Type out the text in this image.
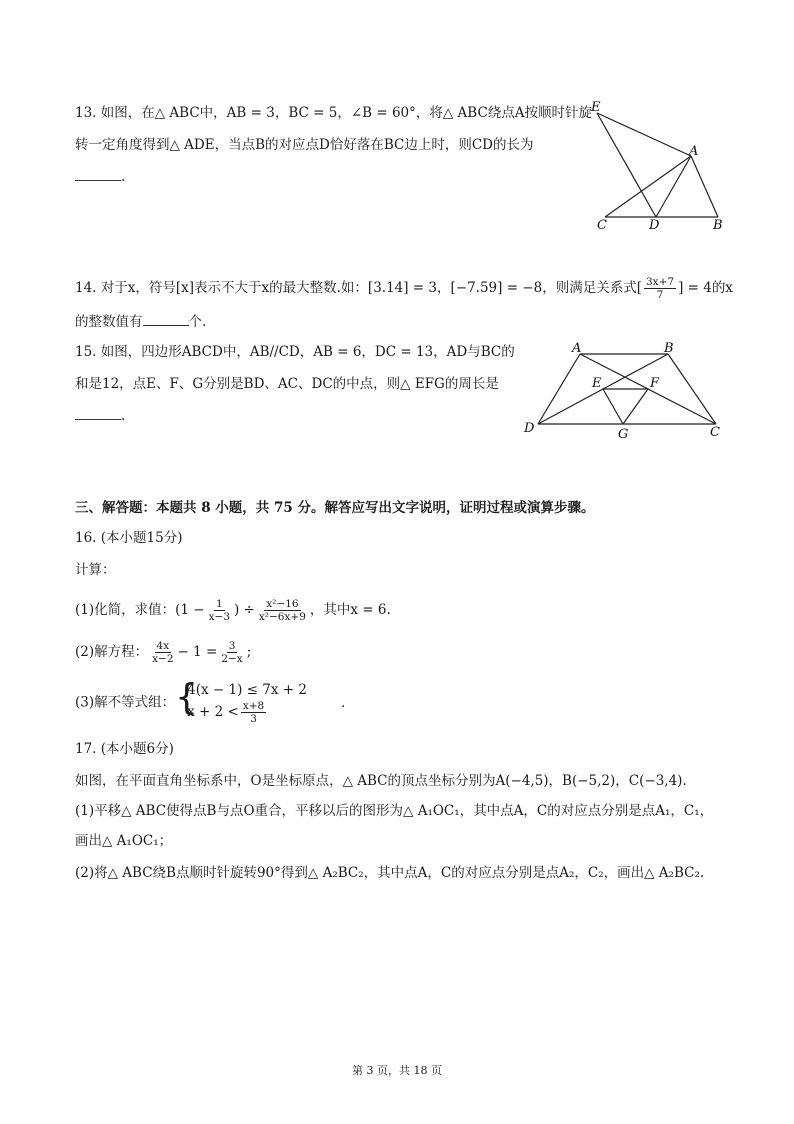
13. 如图，在△ ABC中，AB = 3，BC = 5，∠B = 60°，将△ ABC绕点A按顺时针旋
转一定角度得到△ ADE，当点B的对应点D恰好落在BC边上时，则CD的长为
.
E
A
C	D	B
14. 对于x，符号[x]表示不大于x的最大整数.如：[3.14] = 3，[−7.59] = −8，则满足关系式[ $\frac{3x+7}{7}$ ] = 4的x
的整数值有	个.
15. 如图，四边形ABCD中，AB//CD，AB = 6，DC = 13，AD与BC的
和是12，点E、F、G分别是BD、AC、DC的中点，则△ EFG的周长是
.
A	B
E	F
D	G	C
三、解答题：本题共 8 小题，共 75 分。解答应写出文字说明，证明过程或演算步骤。
16. (本小题15分)
计算：
(1)化简，求值：($1 - \frac{1}{x-3}$ ) ÷ $\frac{\text{x²−16}}{\text{x²−6x+9}}$ ，其中x = 6.
(2)解方程： $\frac{4x}{x-2} - 1 = \frac{3}{2-x}$ ;
(3)解不等式组： {
4(x − 1) ≤ 7x + 2
$x + 2 < \frac{x+8}{3}$	.
17. (本小题6分)
如图，在平面直角坐标系中，O是坐标原点，△ ABC的顶点坐标分别为A(−4,5)，B(−5,2)，C(−3,4).
(1)平移△ ABC使得点B与点O重合，平移以后的图形为△ A₁OC₁，其中点A，C的对应点分别是点A₁，C₁，
画出△ A₁OC₁；
(2)将△ ABC绕B点顺时针旋转90°得到△ A₂BC₂，其中点A，C的对应点分别是点A₂，C₂，画出△ A₂BC₂.
第 3 页，共 18 页
